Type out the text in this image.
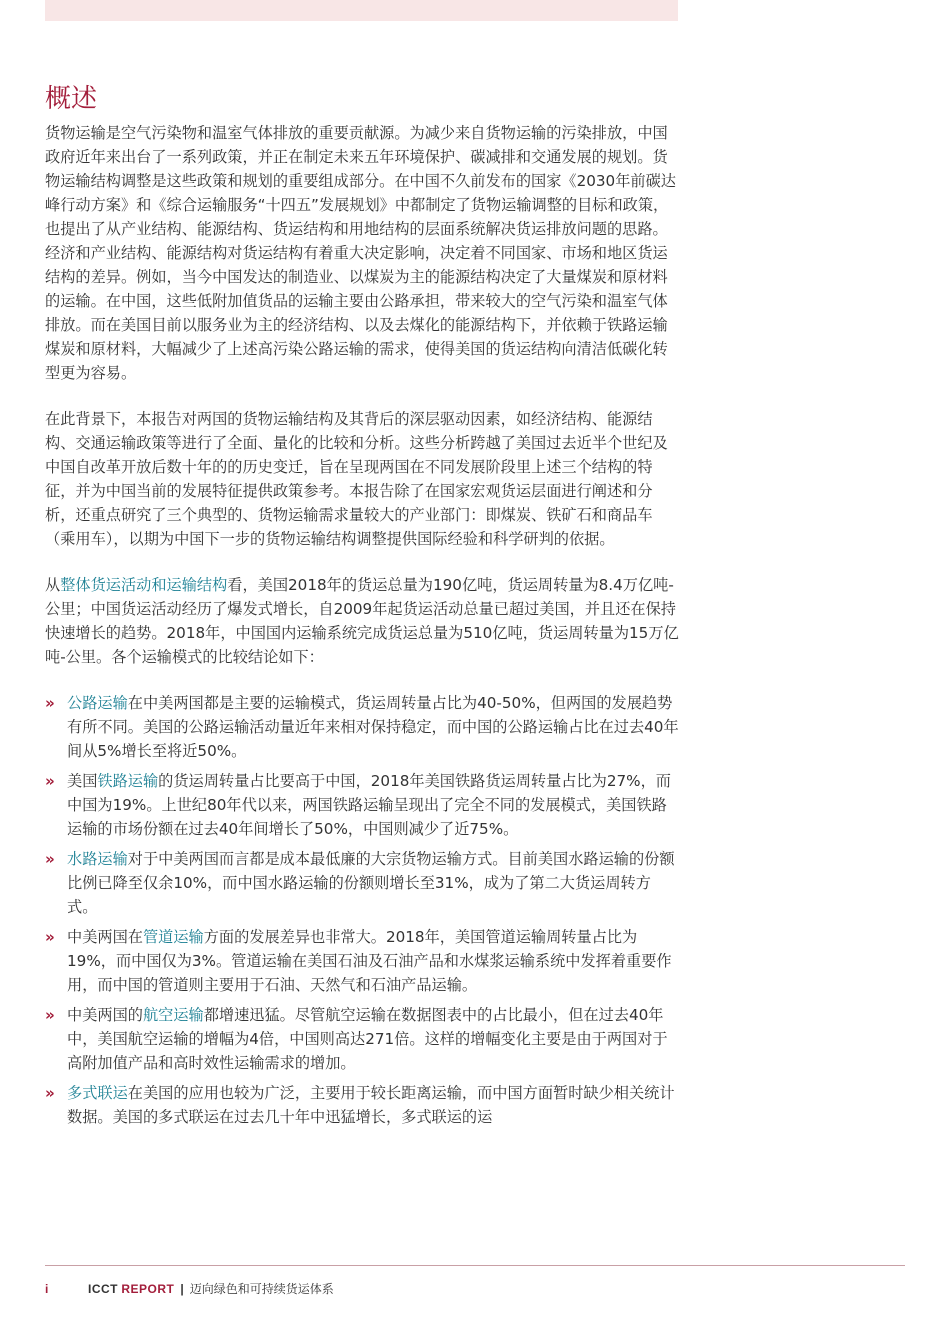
概述

货物运输是空气污染物和温室气体排放的重要贡献源。为减少来自货物运输的污染排放，中国政府近年来出台了一系列政策，并正在制定未来五年环境保护、碳减排和交通发展的规划。货物运输结构调整是这些政策和规划的重要组成部分。在中国不久前发布的国家《2030年前碳达峰行动方案》和《综合运输服务“十四五”发展规划》中都制定了货物运输调整的目标和政策，也提出了从产业结构、能源结构、货运结构和用地结构的层面系统解决货运排放问题的思路。经济和产业结构、能源结构对货运结构有着重大决定影响，决定着不同国家、市场和地区货运结构的差异。例如，当今中国发达的制造业、以煤炭为主的能源结构决定了大量煤炭和原材料的运输。在中国，这些低附加值货品的运输主要由公路承担，带来较大的空气污染和温室气体排放。而在美国目前以服务业为主的经济结构、以及去煤化的能源结构下，并依赖于铁路运输煤炭和原材料，大幅减少了上述高污染公路运输的需求，使得美国的货运结构向清洁低碳化转型更为容易。

在此背景下，本报告对两国的货物运输结构及其背后的深层驱动因素，如经济结构、能源结构、交通运输政策等进行了全面、量化的比较和分析。这些分析跨越了美国过去近半个世纪及中国自改革开放后数十年的的历史变迁，旨在呈现两国在不同发展阶段里上述三个结构的特征，并为中国当前的发展特征提供政策参考。本报告除了在国家宏观货运层面进行阐述和分析，还重点研究了三个典型的、货物运输需求量较大的产业部门：即煤炭、铁矿石和商品车（乘用车），以期为中国下一步的货物运输结构调整提供国际经验和科学研判的依据。

从整体货运活动和运输结构看，美国2018年的货运总量为190亿吨，货运周转量为8.4万亿吨-公里；中国货运活动经历了爆发式增长，自2009年起货运活动总量已超过美国，并且还在保持快速增长的趋势。2018年，中国国内运输系统完成货运总量为510亿吨，货运周转量为15万亿吨-公里。各个运输模式的比较结论如下：

» 公路运输在中美两国都是主要的运输模式，货运周转量占比为40-50%，但两国的发展趋势有所不同。美国的公路运输活动量近年来相对保持稳定，而中国的公路运输占比在过去40年间从5%增长至将近50%。
» 美国铁路运输的货运周转量占比要高于中国，2018年美国铁路货运周转量占比为27%，而中国为19%。上世纪80年代以来，两国铁路运输呈现出了完全不同的发展模式，美国铁路运输的市场份额在过去40年间增长了50%，中国则减少了近75%。
» 水路运输对于中美两国而言都是成本最低廉的大宗货物运输方式。目前美国水路运输的份额比例已降至仅余10%，而中国水路运输的份额则增长至31%，成为了第二大货运周转方式。
» 中美两国在管道运输方面的发展差异也非常大。2018年，美国管道运输周转量占比为19%，而中国仅为3%。管道运输在美国石油及石油产品和水煤浆运输系统中发挥着重要作用，而中国的管道则主要用于石油、天然气和石油产品运输。
» 中美两国的航空运输都增速迅猛。尽管航空运输在数据图表中的占比最小，但在过去40年中，美国航空运输的增幅为4倍，中国则高达271倍。这样的增幅变化主要是由于两国对于高附加值产品和高时效性运输需求的增加。
» 多式联运在美国的应用也较为广泛，主要用于较长距离运输，而中国方面暂时缺少相关统计数据。美国的多式联运在过去几十年中迅猛增长，多式联运的运
i	ICCT REPORT | 迈向绿色和可持续货运体系
